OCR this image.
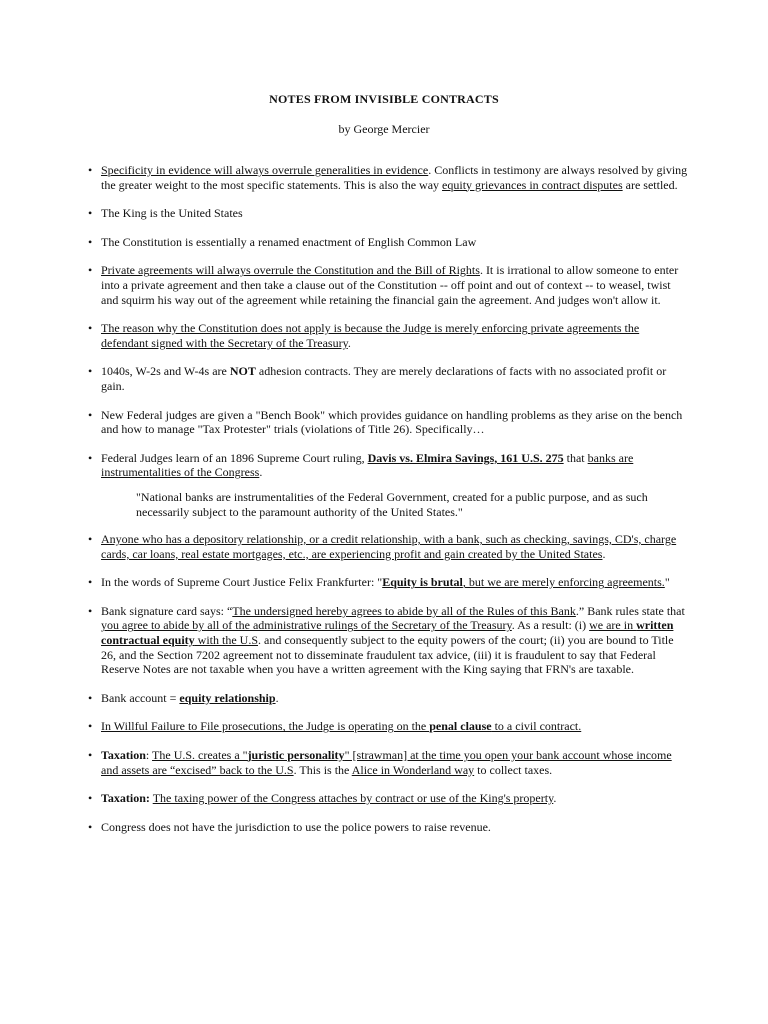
NOTES FROM INVISIBLE CONTRACTS
by George Mercier
• Specificity in evidence will always overrule generalities in evidence. Conflicts in testimony are always resolved by giving the greater weight to the most specific statements. This is also the way equity grievances in contract disputes are settled.
• The King is the United States
• The Constitution is essentially a renamed enactment of English Common Law
• Private agreements will always overrule the Constitution and the Bill of Rights. It is irrational to allow someone to enter into a private agreement and then take a clause out of the Constitution -- off point and out of context -- to weasel, twist and squirm his way out of the agreement while retaining the financial gain the agreement. And judges won't allow it.
• The reason why the Constitution does not apply is because the Judge is merely enforcing private agreements the defendant signed with the Secretary of the Treasury.
• 1040s, W-2s and W-4s are NOT adhesion contracts. They are merely declarations of facts with no associated profit or gain.
• New Federal judges are given a "Bench Book" which provides guidance on handling problems as they arise on the bench and how to manage "Tax Protester" trials (violations of Title 26). Specifically…
• Federal Judges learn of an 1896 Supreme Court ruling, Davis vs. Elmira Savings, 161 U.S. 275 that banks are instrumentalities of the Congress.
"National banks are instrumentalities of the Federal Government, created for a public purpose, and as such necessarily subject to the paramount authority of the United States."
• Anyone who has a depository relationship, or a credit relationship, with a bank, such as checking, savings, CD's, charge cards, car loans, real estate mortgages, etc., are experiencing profit and gain created by the United States.
• In the words of Supreme Court Justice Felix Frankfurter: "Equity is brutal, but we are merely enforcing agreements."
• Bank signature card says: “The undersigned hereby agrees to abide by all of the Rules of this Bank.” Bank rules state that you agree to abide by all of the administrative rulings of the Secretary of the Treasury. As a result: (i) we are in written contractual equity with the U.S. and consequently subject to the equity powers of the court; (ii) you are bound to Title 26, and the Section 7202 agreement not to disseminate fraudulent tax advice, (iii) it is fraudulent to say that Federal Reserve Notes are not taxable when you have a written agreement with the King saying that FRN's are taxable.
• Bank account = equity relationship.
• In Willful Failure to File prosecutions, the Judge is operating on the penal clause to a civil contract.
• Taxation: The U.S. creates a "juristic personality" [strawman] at the time you open your bank account whose income and assets are “excised” back to the U.S. This is the Alice in Wonderland way to collect taxes.
• Taxation: The taxing power of the Congress attaches by contract or use of the King's property.
• Congress does not have the jurisdiction to use the police powers to raise revenue.
